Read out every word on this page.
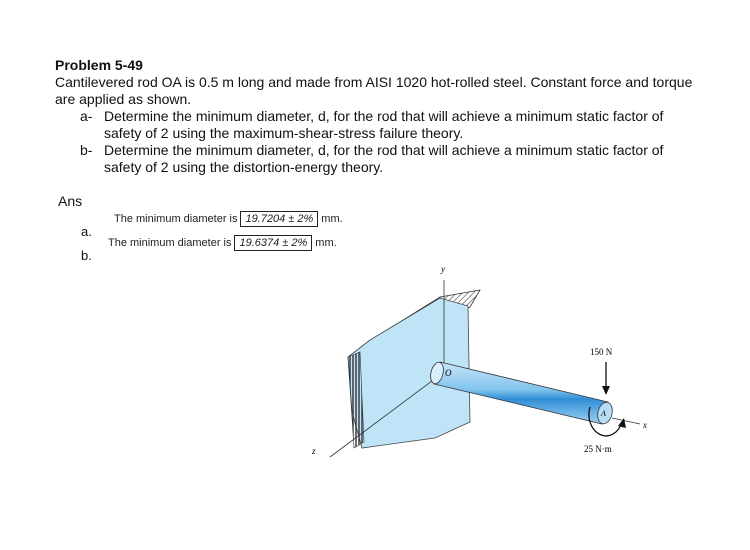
Problem 5-49
Cantilevered rod OA is 0.5 m long and made from AISI 1020 hot-rolled steel. Constant force and torque are applied as shown.
a- Determine the minimum diameter, d, for the rod that will achieve a minimum static factor of safety of 2 using the maximum-shear-stress failure theory.
b- Determine the minimum diameter, d, for the rod that will achieve a minimum static factor of safety of 2 using the distortion-energy theory.
Ans
a.
The minimum diameter is 19.7204 ± 2% mm.
b.
The minimum diameter is 19.6374 ± 2% mm.
y
z
O
A
x
150 N
25 N·m
